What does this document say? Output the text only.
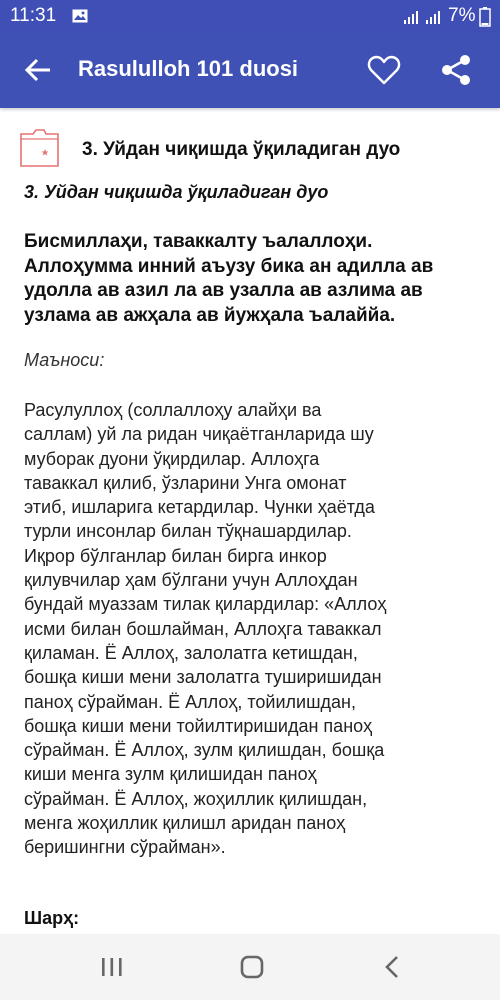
11:31	7%
Rasululloh 101 duosi
3. Уйдан чиқишда ўқиладиган дуо
3. Уйдан чиқишда ўқиладиган дуо
Бисмиллаҳи, таваккалту ъалаллоҳи.
Аллоҳумма инний аъузу бика ан адилла ав
удолла ав азил ла ав узалла ав азлима ав
узлама ав ажҳала ав йужҳала ъалаййа.
Маъноси:
Расулуллоҳ (соллаллоҳу алайҳи ва
саллам) уй ла ридан чиқаётганларида шу
муборак дуони ўқирдилар. Аллоҳга
таваккал қилиб, ўзларини Унга омонат
этиб, ишларига кетардилар. Чунки ҳаётда
турли инсонлар билан тўқнашардилар.
Иқрор бўлганлар билан бирга инкор
қилувчилар ҳам бўлгани учун Аллоҳдан
бундай муаззам тилак қилардилар: «Аллоҳ
исми билан бошлайман, Аллоҳга таваккал
қиламан. Ё Аллоҳ, залолатга кетишдан,
бошқа киши мени залолатга туширишидан
паноҳ сўрайман. Ё Аллоҳ, тойилишдан,
бошқа киши мени тойилтиришидан паноҳ
сўрайман. Ё Аллоҳ, зулм қилишдан, бошқа
киши менга зулм қилишидан паноҳ
сўрайман. Ё Аллоҳ, жоҳиллик қилишдан,
менга жоҳиллик қилишл аридан паноҳ
беришингни сўрайман».
Шарҳ:
